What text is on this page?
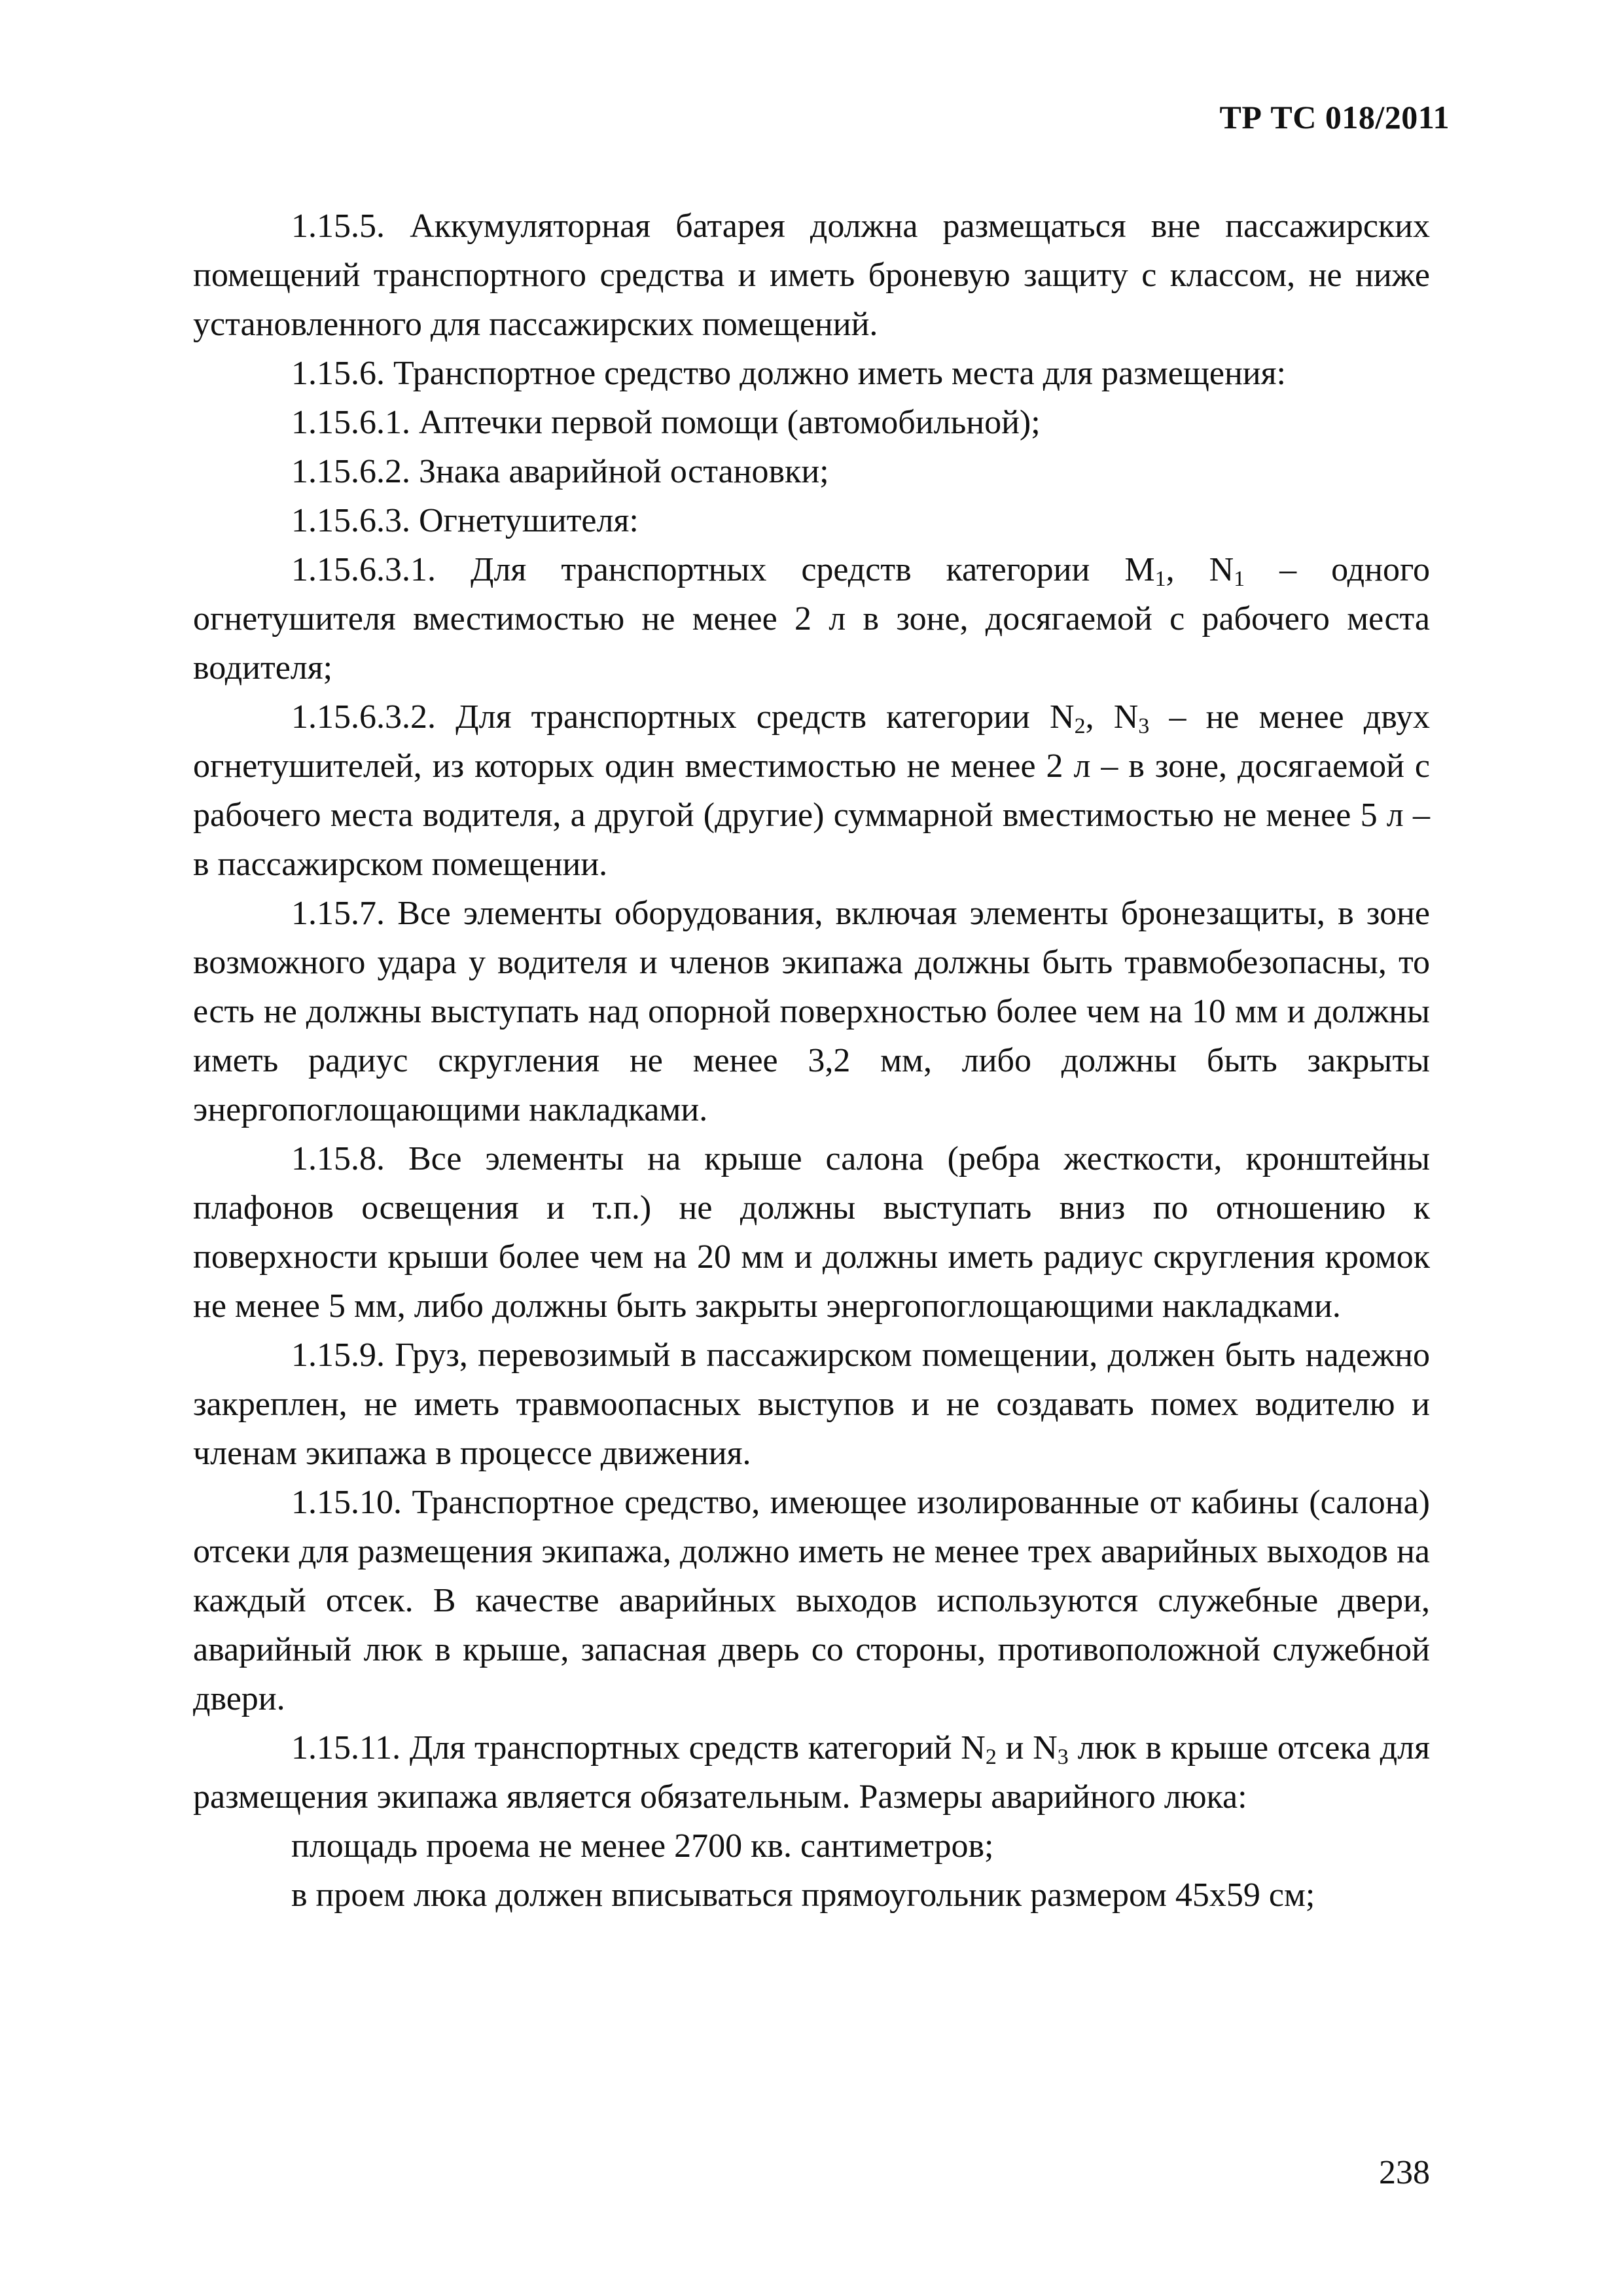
ТР ТС 018/2011

1.15.5. Аккумуляторная батарея должна размещаться вне пассажирских помещений транспортного средства и иметь броневую защиту с классом, не ниже установленного для пассажирских помещений.

1.15.6. Транспортное средство должно иметь места для размещения:

1.15.6.1. Аптечки первой помощи (автомобильной);

1.15.6.2. Знака аварийной остановки;

1.15.6.3. Огнетушителя:

1.15.6.3.1. Для транспортных средств категории $M_1$, $N_1$ – одного огнетушителя вместимостью не менее 2 л в зоне, досягаемой с рабочего места водителя;

1.15.6.3.2. Для транспортных средств категории $N_2$, $N_3$ – не менее двух огнетушителей, из которых один вместимостью не менее 2 л – в зоне, досягаемой с рабочего места водителя, а другой (другие) суммарной вместимостью не менее 5 л – в пассажирском помещении.

1.15.7. Все элементы оборудования, включая элементы бронезащиты, в зоне возможного удара у водителя и членов экипажа должны быть травмобезопасны, то есть не должны выступать над опорной поверхностью более чем на 10 мм и должны иметь радиус скругления не менее 3,2 мм, либо должны быть закрыты энергопоглощающими накладками.

1.15.8. Все элементы на крыше салона (ребра жесткости, кронштейны плафонов освещения и т.п.) не должны выступать вниз по отношению к поверхности крыши более чем на 20 мм и должны иметь радиус скругления кромок не менее 5 мм, либо должны быть закрыты энергопоглощающими накладками.

1.15.9. Груз, перевозимый в пассажирском помещении, должен быть надежно закреплен, не иметь травмоопасных выступов и не создавать помех водителю и членам экипажа в процессе движения.

1.15.10. Транспортное средство, имеющее изолированные от кабины (салона) отсеки для размещения экипажа, должно иметь не менее трех аварийных выходов на каждый отсек. В качестве аварийных выходов используются служебные двери, аварийный люк в крыше, запасная дверь со стороны, противоположной служебной двери.

1.15.11. Для транспортных средств категорий $N_2$ и $N_3$ люк в крыше отсека для размещения экипажа является обязательным. Размеры аварийного люка:

площадь проема не менее 2700 кв. сантиметров;

в проем люка должен вписываться прямоугольник размером 45х59 см;

238
